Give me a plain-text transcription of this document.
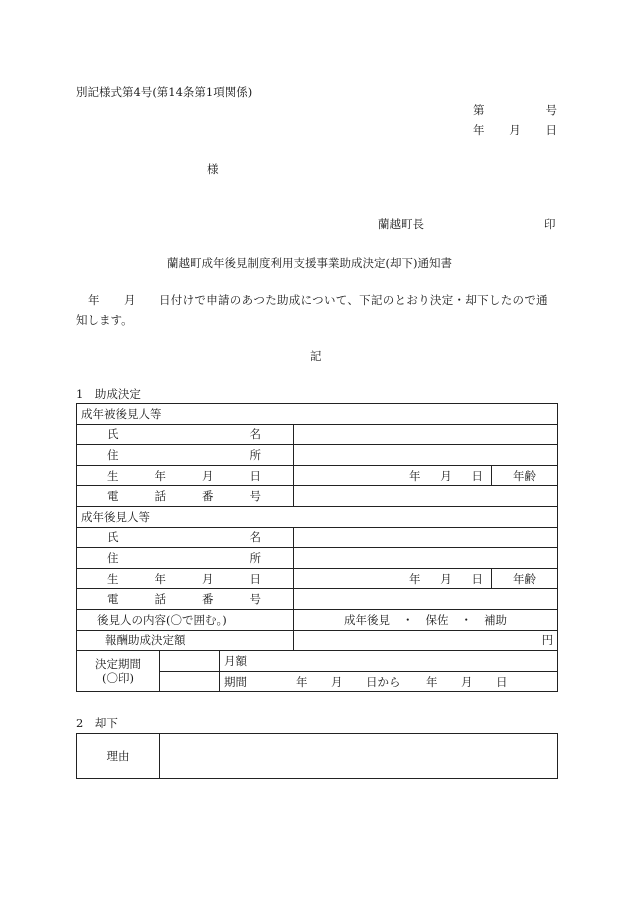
別記様式第4号(第14条第1項関係)
第	号
年 月 日
様
蘭越町長	印
蘭越町成年後見制度利用支援事業助成決定(却下)通知書
年 月 日付けで申請のあつた助成について、下記のとおり決定・却下したので通
知します。
記
1　助成決定
成年被後見人等					

氏 名					

住 所					

生 年 月 日			年 月 日	年齢	

電 話 番 号					

成年後見人等					

氏 名					

住 所					

生 年 月 日			年 月 日	年齢	

電 話 番 号					

後見人の内容(〇で囲む。)			成年後見 ・ 保佐 ・ 補助		

報酬助成決定額			円		

決定期間
(〇印)		月額			
		期間 年 月 日から 年 月 日			
2　却下
理由	
